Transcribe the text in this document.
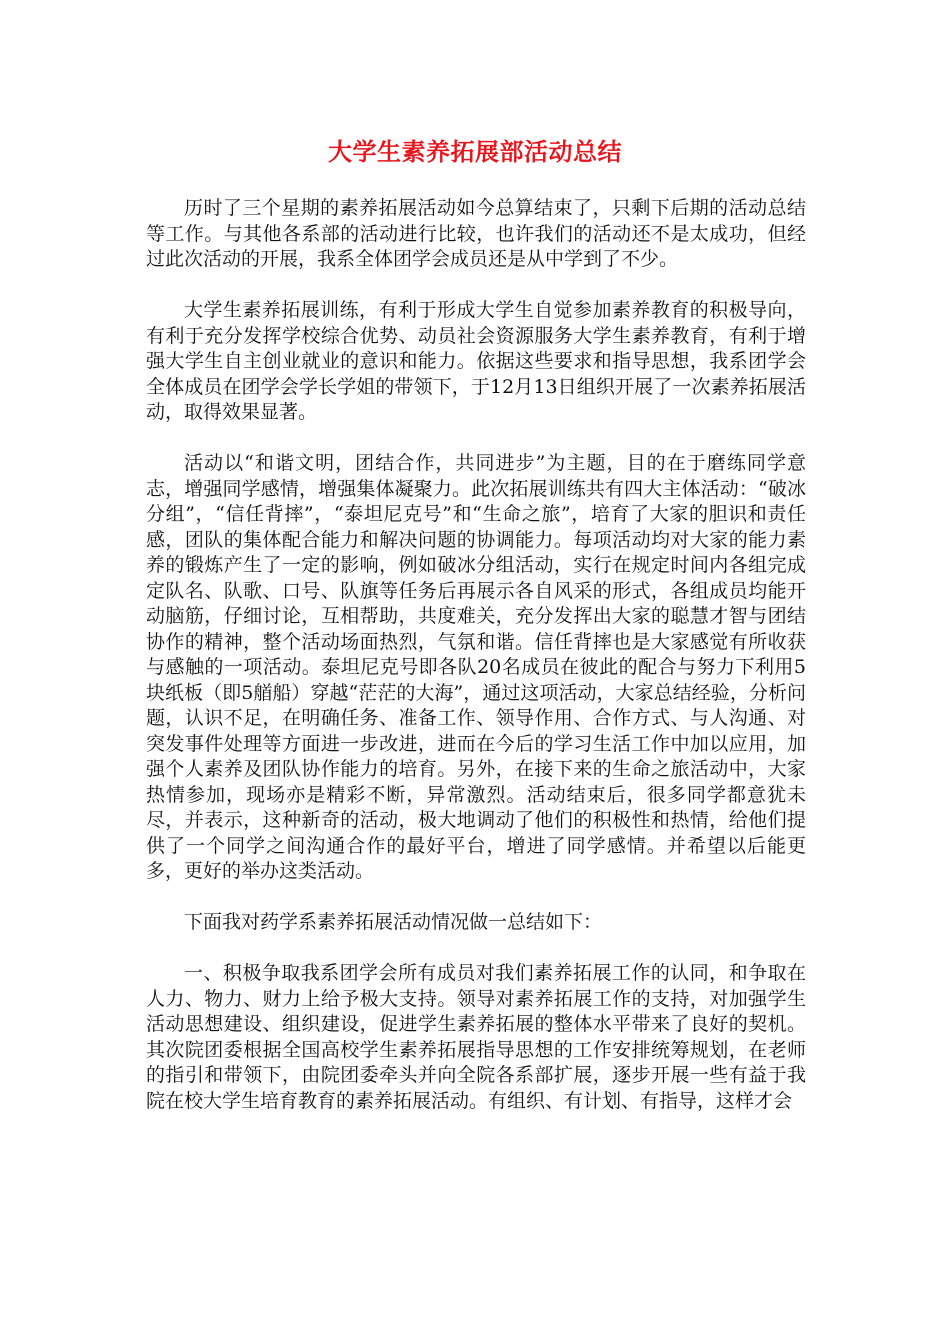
大学生素养拓展部活动总结

历时了三个星期的素养拓展活动如今总算结束了，只剩下后期的活动总结等工作。与其他各系部的活动进行比较，也许我们的活动还不是太成功，但经过此次活动的开展，我系全体团学会成员还是从中学到了不少。

大学生素养拓展训练，有利于形成大学生自觉参加素养教育的积极导向，有利于充分发挥学校综合优势、动员社会资源服务大学生素养教育，有利于增强大学生自主创业就业的意识和能力。依据这些要求和指导思想，我系团学会全体成员在团学会学长学姐的带领下，于12月13日组织开展了一次素养拓展活动，取得效果显著。

活动以“和谐文明，团结合作，共同进步”为主题，目的在于磨练同学意志，增强同学感情，增强集体凝聚力。此次拓展训练共有四大主体活动：“破冰分组”，“信任背摔”，“泰坦尼克号”和“生命之旅”，培育了大家的胆识和责任感，团队的集体配合能力和解决问题的协调能力。每项活动均对大家的能力素养的锻炼产生了一定的影响，例如破冰分组活动，实行在规定时间内各组完成定队名、队歌、口号、队旗等任务后再展示各自风采的形式，各组成员均能开动脑筋，仔细讨论，互相帮助，共度难关，充分发挥出大家的聪慧才智与团结协作的精神，整个活动场面热烈，气氛和谐。信任背摔也是大家感觉有所收获与感触的一项活动。泰坦尼克号即各队20名成员在彼此的配合与努力下利用5块纸板（即5艏船）穿越“茫茫的大海”，通过这项活动，大家总结经验，分析问题，认识不足，在明确任务、准备工作、领导作用、合作方式、与人沟通、对突发事件处理等方面进一步改进，进而在今后的学习生活工作中加以应用，加强个人素养及团队协作能力的培育。另外，在接下来的生命之旅活动中，大家热情参加，现场亦是精彩不断，异常激烈。活动结束后，很多同学都意犹未尽，并表示，这种新奇的活动，极大地调动了他们的积极性和热情，给他们提供了一个同学之间沟通合作的最好平台，增进了同学感情。并希望以后能更多，更好的举办这类活动。

下面我对药学系素养拓展活动情况做一总结如下：

一、积极争取我系团学会所有成员对我们素养拓展工作的认同，和争取在人力、物力、财力上给予极大支持。领导对素养拓展工作的支持，对加强学生活动思想建设、组织建设，促进学生素养拓展的整体水平带来了良好的契机。其次院团委根据全国高校学生素养拓展指导思想的工作安排统筹规划，在老师的指引和带领下，由院团委牵头并向全院各系部扩展，逐步开展一些有益于我院在校大学生培育教育的素养拓展活动。有组织、有计划、有指导，这样才会
